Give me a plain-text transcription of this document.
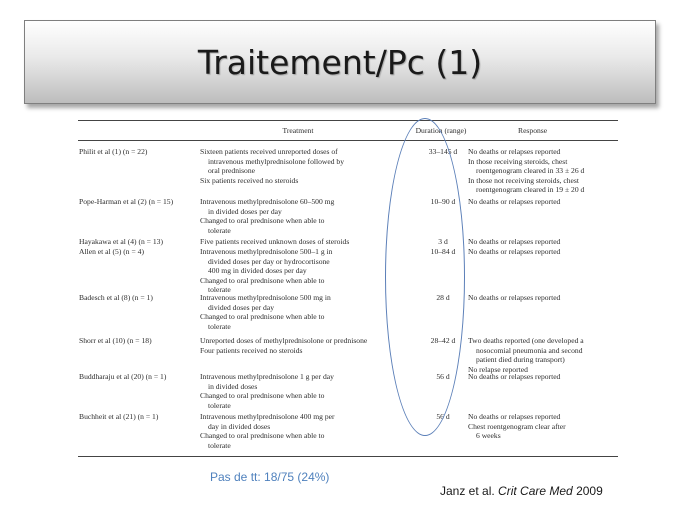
Traitement/Pc (1)
Treatment	Duration (range)	Response
Philit et al (1) (n = 22)	Sixteen patients received unreported doses of
intravenous methylprednisolone followed by
oral prednisone
Six patients received no steroids
33–145 d	No deaths or relapses reported
In those receiving steroids, chest
roentgenogram cleared in 33 ± 26 d
In those not receiving steroids, chest
roentgenogram cleared in 19 ± 20 d
Pope-Harman et al (2) (n = 15)	Intravenous methylprednisolone 60–500 mg
in divided doses per day
Changed to oral prednisone when able to
tolerate
10–90 d	No deaths or relapses reported
Hayakawa et al (4) (n = 13)	Five patients received unknown doses of steroids	3 d	No deaths or relapses reported
Allen et al (5) (n = 4)	Intravenous methylprednisolone 500–1 g in
divided doses per day or hydrocortisone
400 mg in divided doses per day
Changed to oral prednisone when able to
tolerate
10–84 d	No deaths or relapses reported
Badesch et al (8) (n = 1)	Intravenous methylprednisolone 500 mg in
divided doses per day
Changed to oral prednisone when able to
tolerate
28 d	No deaths or relapses reported
Shorr et al (10) (n = 18)	Unreported doses of methylprednisolone or prednisone
Four patients received no steroids
28–42 d	Two deaths reported (one developed a
nosocomial pneumonia and second
patient died during transport)
No relapse reported
Buddharaju et al (20) (n = 1)	Intravenous methylprednisolone 1 g per day
in divided doses
Changed to oral prednisone when able to
tolerate
56 d	No deaths or relapses reported
Buchheit et al (21) (n = 1)	Intravenous methylprednisolone 400 mg per
day in divided doses
Changed to oral prednisone when able to
tolerate
56 d	No deaths or relapses reported
Chest roentgenogram clear after
6 weeks
Pas de tt: 18/75 (24%)
Janz et al. Crit Care Med 2009
